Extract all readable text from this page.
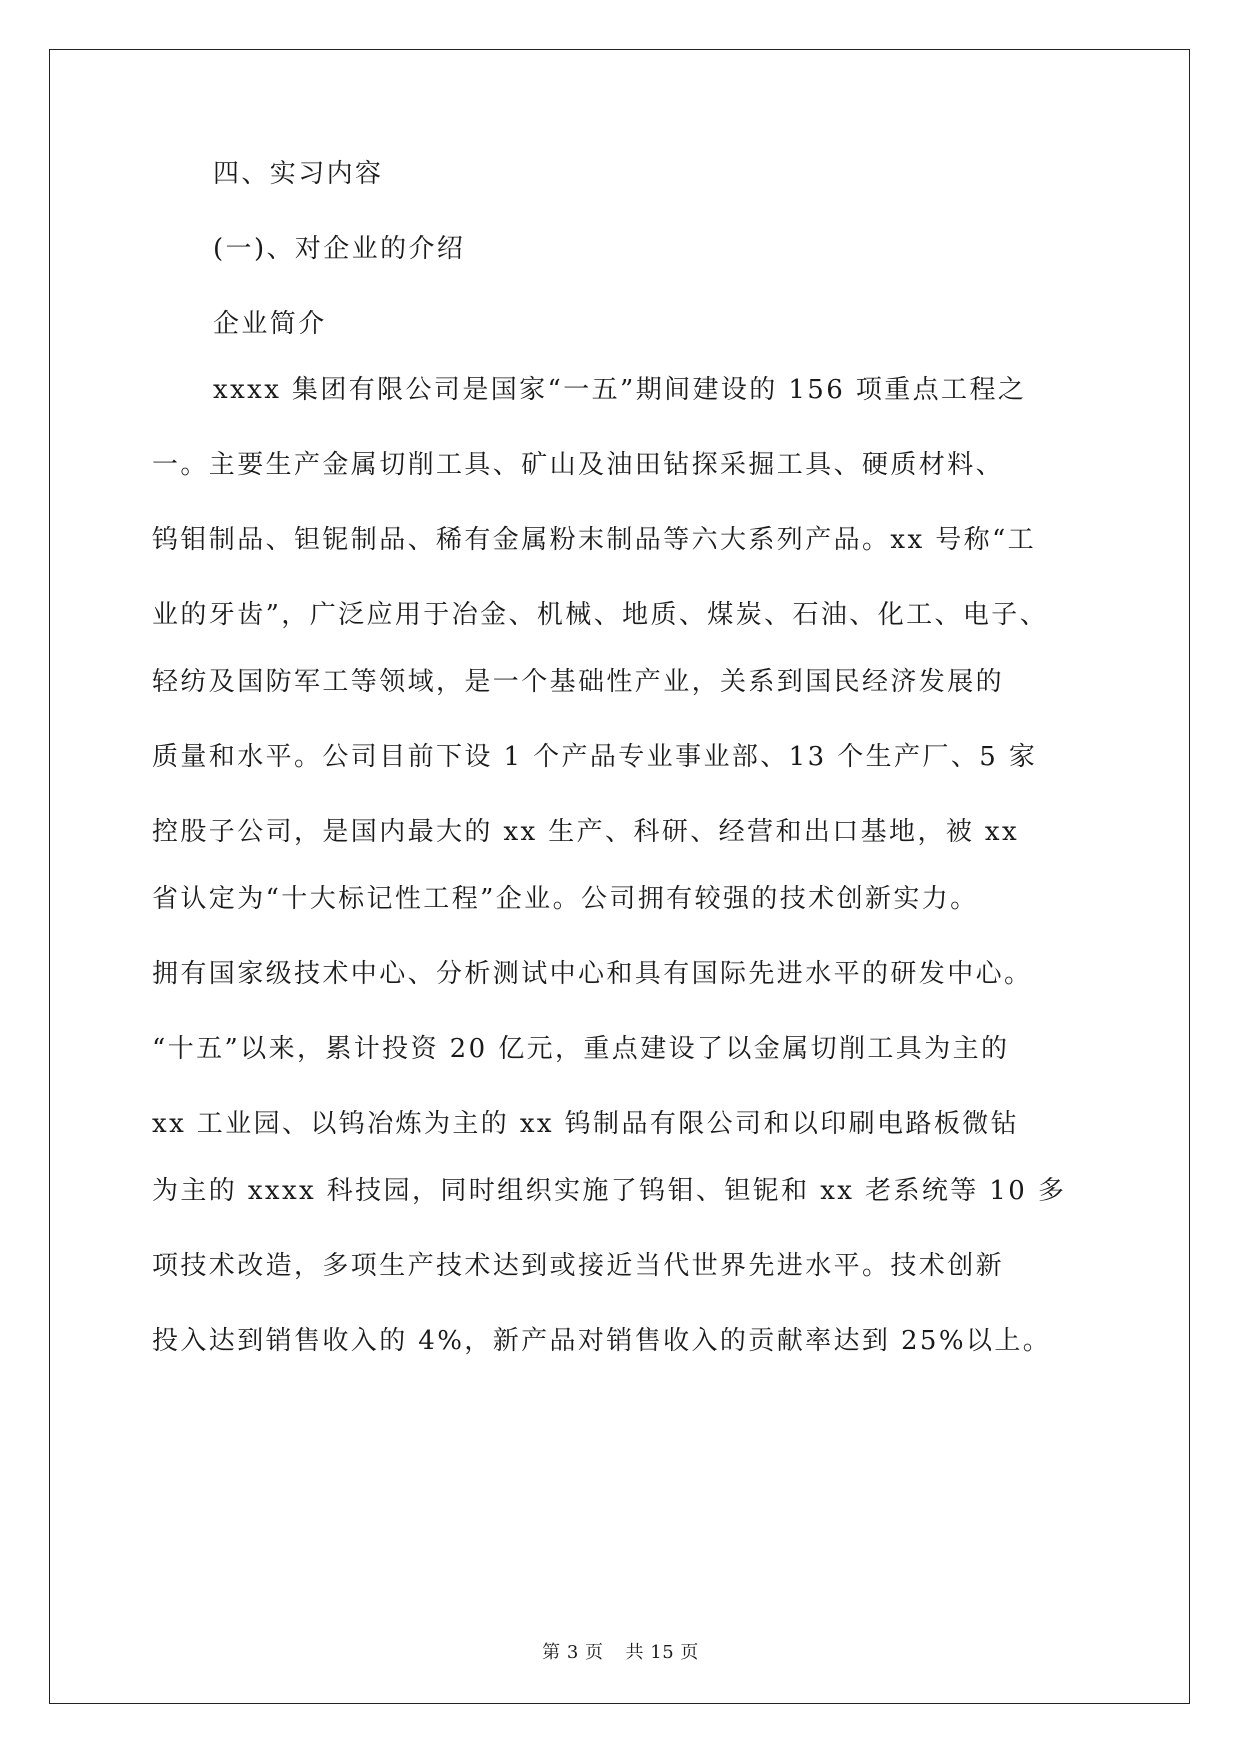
四、实习内容
(一)、对企业的介绍
企业简介
xxxx 集团有限公司是国家“一五”期间建设的 156 项重点工程之
一。主要生产金属切削工具、矿山及油田钻探采掘工具、硬质材料、
钨钼制品、钽铌制品、稀有金属粉末制品等六大系列产品。xx 号称“工
业的牙齿”，广泛应用于冶金、机械、地质、煤炭、石油、化工、电子、
轻纺及国防军工等领域，是一个基础性产业，关系到国民经济发展的
质量和水平。公司目前下设 1 个产品专业事业部、13 个生产厂、5 家
控股子公司，是国内最大的 xx 生产、科研、经营和出口基地，被 xx
省认定为“十大标记性工程”企业。公司拥有较强的技术创新实力。
拥有国家级技术中心、分析测试中心和具有国际先进水平的研发中心。
“十五”以来，累计投资 20 亿元，重点建设了以金属切削工具为主的
xx 工业园、以钨冶炼为主的 xx 钨制品有限公司和以印刷电路板微钻
为主的 xxxx 科技园，同时组织实施了钨钼、钽铌和 xx 老系统等 10 多
项技术改造，多项生产技术达到或接近当代世界先进水平。技术创新
投入达到销售收入的 4%，新产品对销售收入的贡献率达到 25%以上。
第 3 页 共 15 页
